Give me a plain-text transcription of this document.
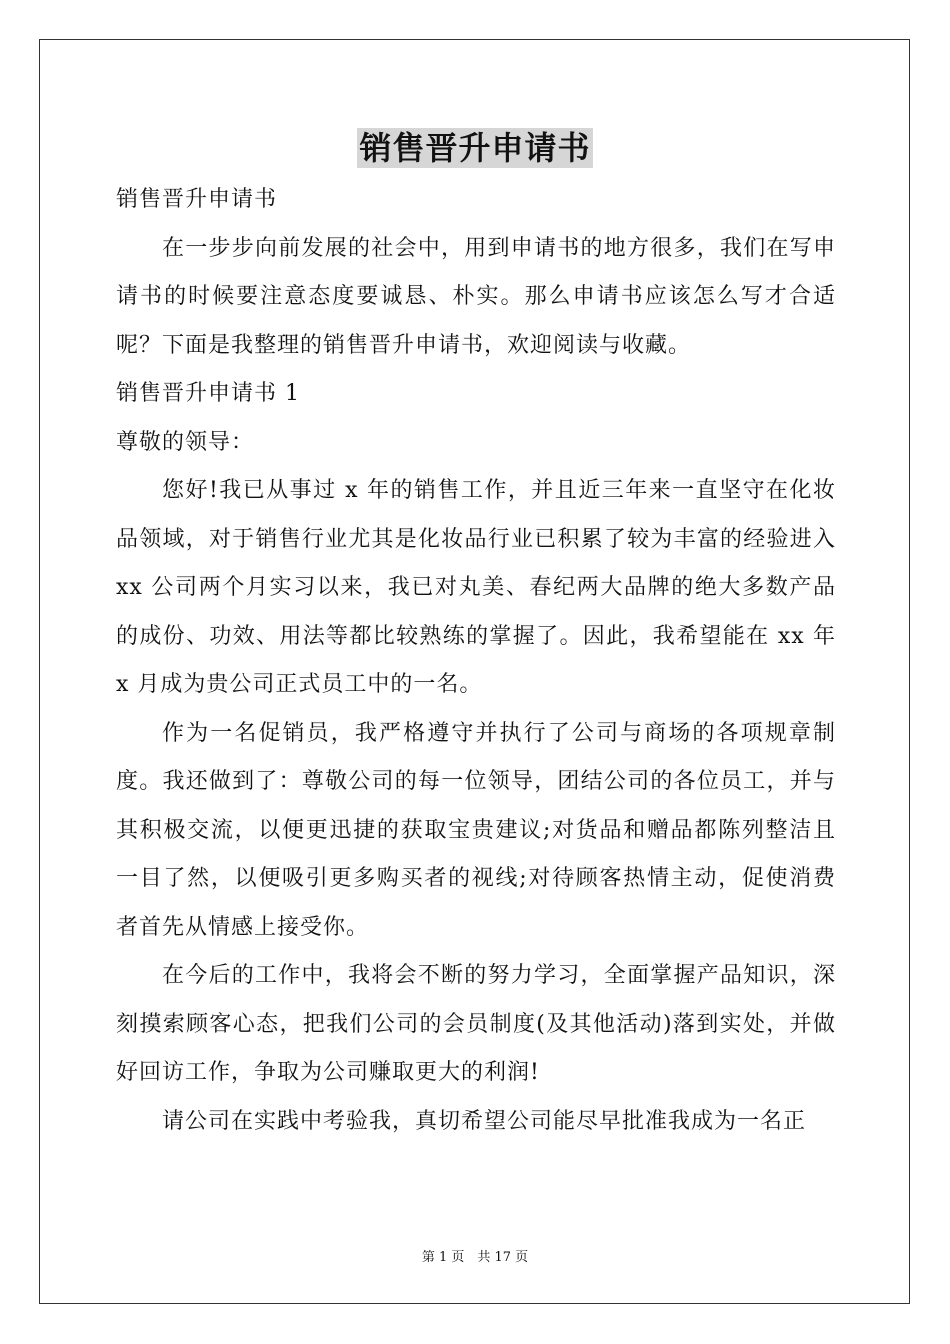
销售晋升申请书

销售晋升申请书

在一步步向前发展的社会中，用到申请书的地方很多，我们在写申请书的时候要注意态度要诚恳、朴实。那么申请书应该怎么写才合适呢？下面是我整理的销售晋升申请书，欢迎阅读与收藏。

销售晋升申请书 1

尊敬的领导：

您好!我已从事过 x 年的销售工作，并且近三年来一直坚守在化妆品领域，对于销售行业尤其是化妆品行业已积累了较为丰富的经验进入 xx 公司两个月实习以来，我已对丸美、春纪两大品牌的绝大多数产品的成份、功效、用法等都比较熟练的掌握了。因此，我希望能在 xx 年 x 月成为贵公司正式员工中的一名。

作为一名促销员，我严格遵守并执行了公司与商场的各项规章制度。我还做到了：尊敬公司的每一位领导，团结公司的各位员工，并与其积极交流，以便更迅捷的获取宝贵建议;对货品和赠品都陈列整洁且一目了然，以便吸引更多购买者的视线;对待顾客热情主动，促使消费者首先从情感上接受你。

在今后的工作中，我将会不断的努力学习，全面掌握产品知识，深刻摸索顾客心态，把我们公司的会员制度(及其他活动)落到实处，并做好回访工作，争取为公司赚取更大的利润!

请公司在实践中考验我，真切希望公司能尽早批准我成为一名正

第 1 页　共 17 页
